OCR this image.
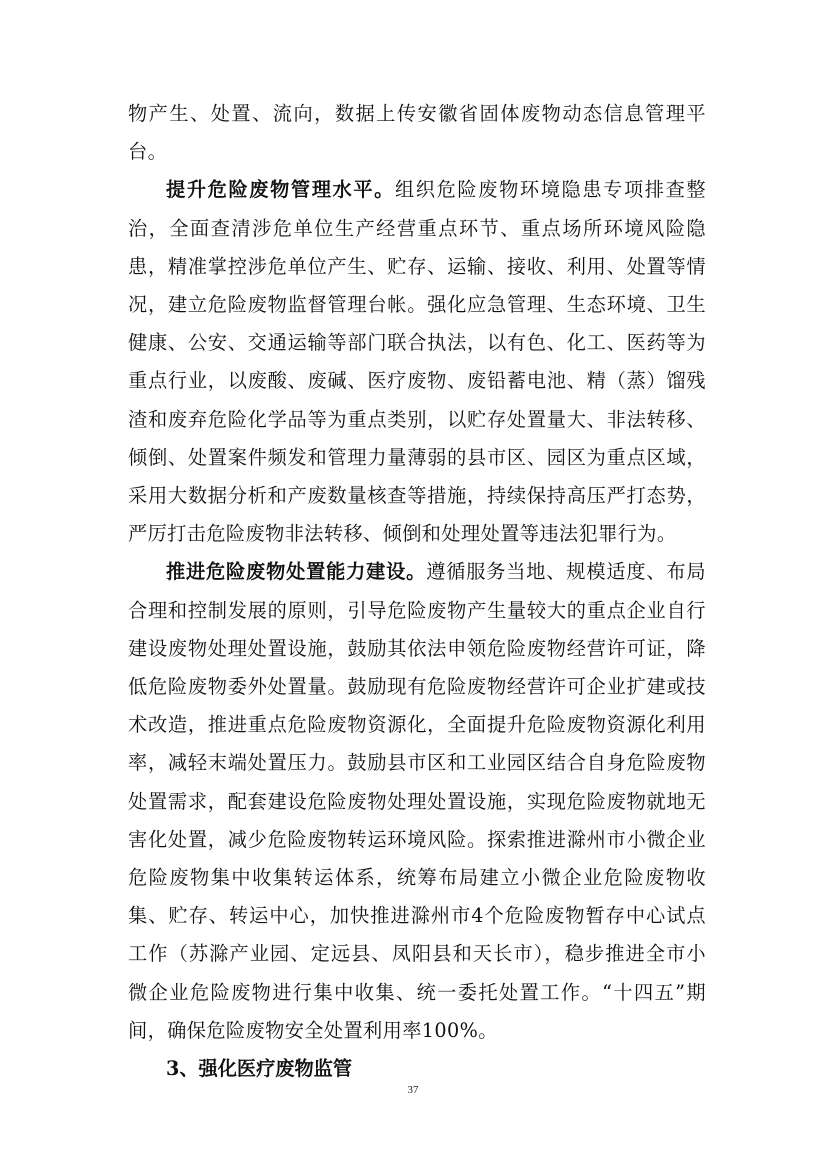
物产生、处置、流向，数据上传安徽省固体废物动态信息管理平台。

提升危险废物管理水平。组织危险废物环境隐患专项排查整治，全面查清涉危单位生产经营重点环节、重点场所环境风险隐患，精准掌控涉危单位产生、贮存、运输、接收、利用、处置等情况，建立危险废物监督管理台帐。强化应急管理、生态环境、卫生健康、公安、交通运输等部门联合执法，以有色、化工、医药等为重点行业，以废酸、废碱、医疗废物、废铅蓄电池、精（蒸）馏残渣和废弃危险化学品等为重点类别，以贮存处置量大、非法转移、倾倒、处置案件频发和管理力量薄弱的县市区、园区为重点区域，采用大数据分析和产废数量核查等措施，持续保持高压严打态势，严厉打击危险废物非法转移、倾倒和处理处置等违法犯罪行为。

推进危险废物处置能力建设。遵循服务当地、规模适度、布局合理和控制发展的原则，引导危险废物产生量较大的重点企业自行建设废物处理处置设施，鼓励其依法申领危险废物经营许可证，降低危险废物委外处置量。鼓励现有危险废物经营许可企业扩建或技术改造，推进重点危险废物资源化，全面提升危险废物资源化利用率，减轻末端处置压力。鼓励县市区和工业园区结合自身危险废物处置需求，配套建设危险废物处理处置设施，实现危险废物就地无害化处置，减少危险废物转运环境风险。探索推进滁州市小微企业危险废物集中收集转运体系，统筹布局建立小微企业危险废物收集、贮存、转运中心，加快推进滁州市4个危险废物暂存中心试点工作（苏滁产业园、定远县、凤阳县和天长市），稳步推进全市小微企业危险废物进行集中收集、统一委托处置工作。“十四五”期间，确保危险废物安全处置利用率100%。

3、强化医疗废物监管

37
